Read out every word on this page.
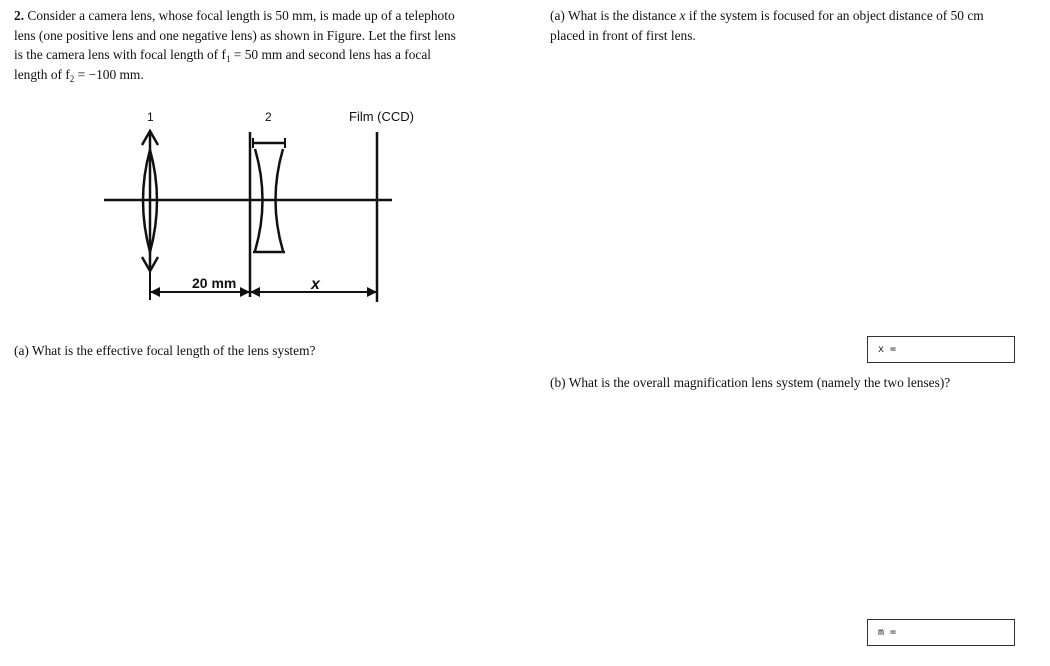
2. Consider a camera lens, whose focal length is 50 mm, is made up of a telephoto
lens (one positive lens and one negative lens) as shown in Figure. Let the first lens
is the camera lens with focal length of $f_1 = 50$ mm and second lens has a focal
length of $f_2 = -100$ mm.
1	2	Film (CCD)
20 mm	x
(a) What is the effective focal length of the lens system?
(a) What is the distance x if the system is focused for an object distance of 50 cm
placed in front of first lens.
x =
(b) What is the overall magnification lens system (namely the two lenses)?
m =
